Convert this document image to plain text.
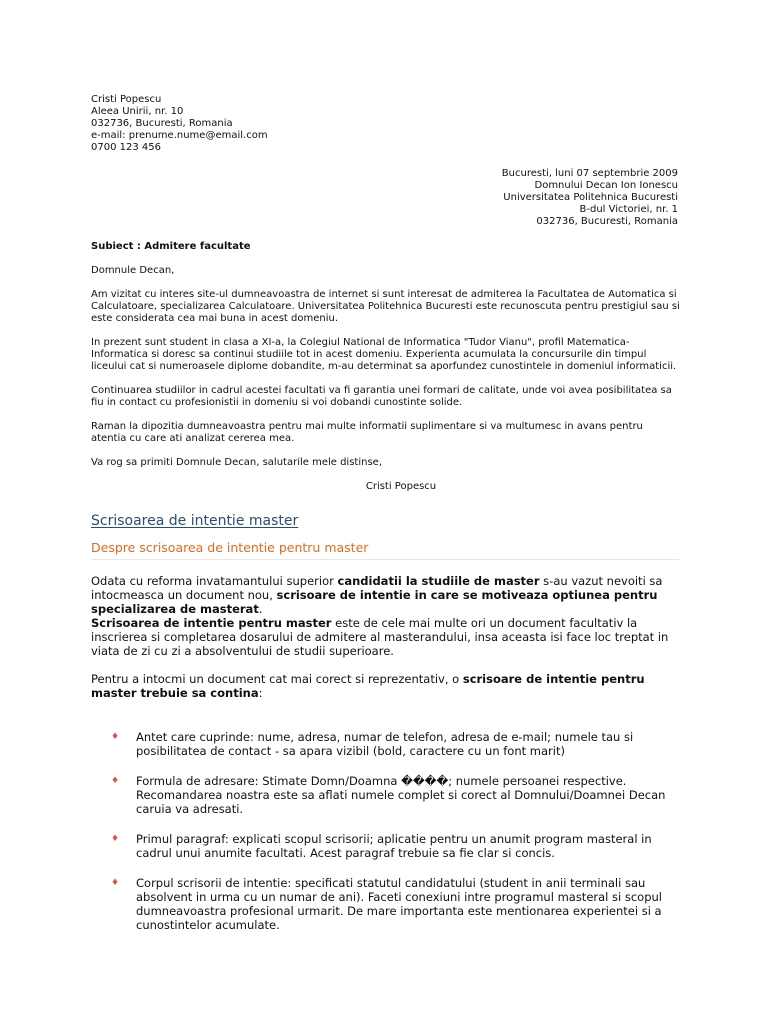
Cristi Popescu
Aleea Unirii, nr. 10
032736, Bucuresti, Romania
e-mail: prenume.nume@email.com
0700 123 456
Bucuresti, luni 07 septembrie 2009
Domnului Decan Ion Ionescu
Universitatea Politehnica Bucuresti
B-dul Victoriei, nr. 1
032736, Bucuresti, Romania

Subiect : Admitere facultate

Domnule Decan,

Am vizitat cu interes site-ul dumneavoastra de internet si sunt interesat de admiterea la Facultatea de Automatica si Calculatoare, specializarea Calculatoare. Universitatea Politehnica Bucuresti este recunoscuta pentru prestigiul sau si este considerata cea mai buna in acest domeniu.

In prezent sunt student in clasa a XI-a, la Colegiul National de Informatica "Tudor Vianu", profil Matematica-Informatica si doresc sa continui studiile tot in acest domeniu. Experienta acumulata la concursurile din timpul liceului cat si numeroasele diplome dobandite, m-au determinat sa aporfundez cunostintele in domeniul informaticii.

Continuarea studiilor in cadrul acestei facultati va fi garantia unei formari de calitate, unde voi avea posibilitatea sa fiu in contact cu profesionistii in domeniu si voi dobandi cunostinte solide.

Raman la dipozitia dumneavoastra pentru mai multe informatii suplimentare si va multumesc in avans pentru atentia cu care ati analizat cererea mea.

Va rog sa primiti Domnule Decan, salutarile mele distinse,

Cristi Popescu
Scrisoarea de intentie master
Despre scrisoarea de intentie pentru master

Odata cu reforma invatamantului superior candidatii la studiile de master s-au vazut nevoiti sa intocmeasca un document nou, scrisoare de intentie in care se motiveaza optiunea pentru specializarea de masterat.
Scrisoarea de intentie pentru master este de cele mai multe ori un document facultativ la inscrierea si completarea dosarului de admitere al masterandului, insa aceasta isi face loc treptat in viata de zi cu zi a absolventului de studii superioare.

Pentru a intocmi un document cat mai corect si reprezentativ, o scrisoare de intentie pentru master trebuie sa contina:

♦ Antet care cuprinde: nume, adresa, numar de telefon, adresa de e-mail; numele tau si posibilitatea de contact - sa apara vizibil (bold, caractere cu un font marit)
♦ Formula de adresare: Stimate Domn/Doamna ����; numele persoanei respective. Recomandarea noastra este sa aflati numele complet si corect al Domnului/Doamnei Decan caruia va adresati.
♦ Primul paragraf: explicati scopul scrisorii; aplicatie pentru un anumit program masteral in cadrul unui anumite facultati. Acest paragraf trebuie sa fie clar si concis.
♦ Corpul scrisorii de intentie: specificati statutul candidatului (student in anii terminali sau absolvent in urma cu un numar de ani). Faceti conexiuni intre programul masteral si scopul dumneavoastra profesional urmarit. De mare importanta este mentionarea experientei si a cunostintelor acumulate.
